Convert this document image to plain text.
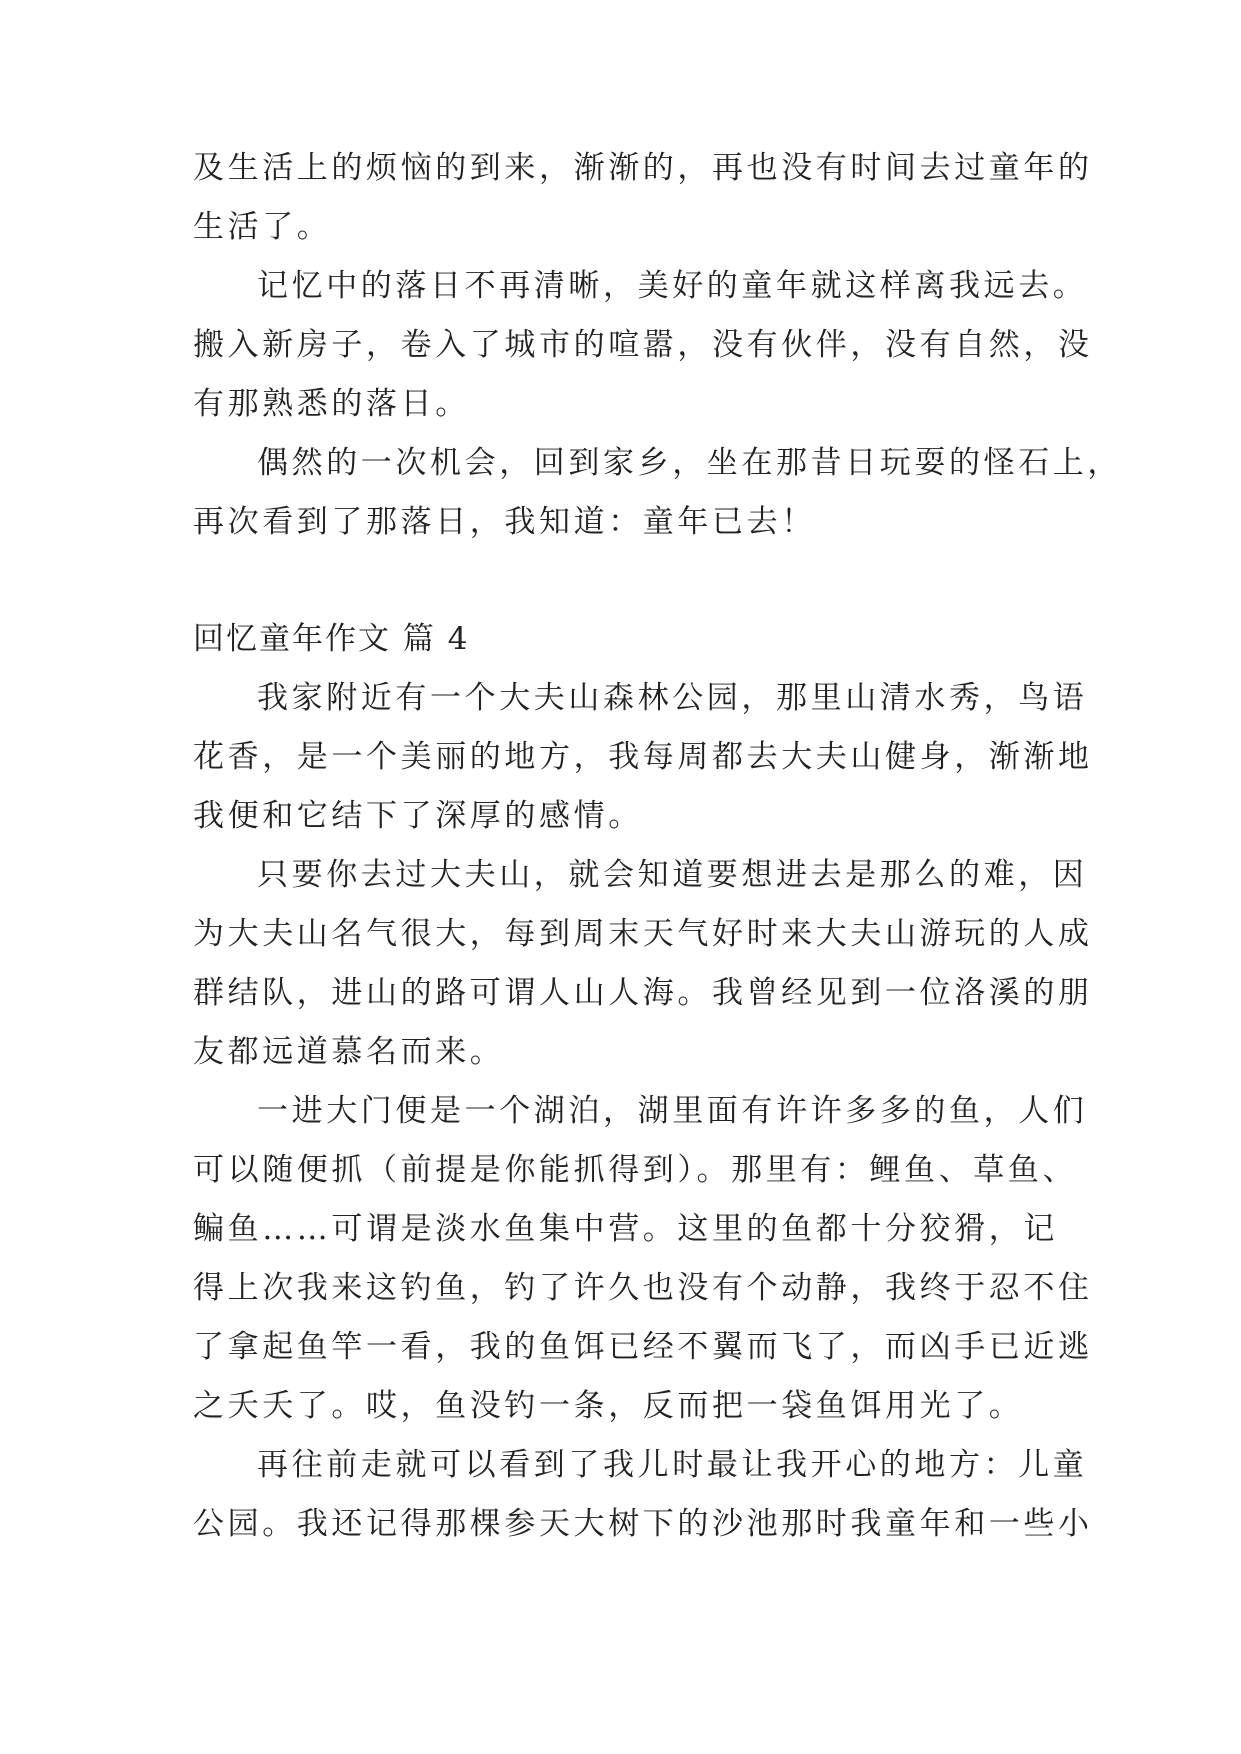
及生活上的烦恼的到来，渐渐的，再也没有时间去过童年的

生活了。

记忆中的落日不再清晰，美好的童年就这样离我远去。

搬入新房子，卷入了城市的喧嚣，没有伙伴，没有自然，没

有那熟悉的落日。

偶然的一次机会，回到家乡，坐在那昔日玩耍的怪石上，

再次看到了那落日，我知道：童年已去！

回忆童年作文 篇 4

我家附近有一个大夫山森林公园，那里山清水秀，鸟语

花香，是一个美丽的地方，我每周都去大夫山健身，渐渐地

我便和它结下了深厚的感情。

只要你去过大夫山，就会知道要想进去是那么的难，因

为大夫山名气很大，每到周末天气好时来大夫山游玩的人成

群结队，进山的路可谓人山人海。我曾经见到一位洛溪的朋

友都远道慕名而来。

一进大门便是一个湖泊，湖里面有许许多多的鱼，人们

可以随便抓（前提是你能抓得到）。那里有：鲤鱼、草鱼、

鳊鱼……可谓是淡水鱼集中营。这里的鱼都十分狡猾，记

得上次我来这钓鱼，钓了许久也没有个动静，我终于忍不住

了拿起鱼竿一看，我的鱼饵已经不翼而飞了，而凶手已近逃

之夭夭了。哎，鱼没钓一条，反而把一袋鱼饵用光了。

再往前走就可以看到了我儿时最让我开心的地方：儿童

公园。我还记得那棵参天大树下的沙池那时我童年和一些小
